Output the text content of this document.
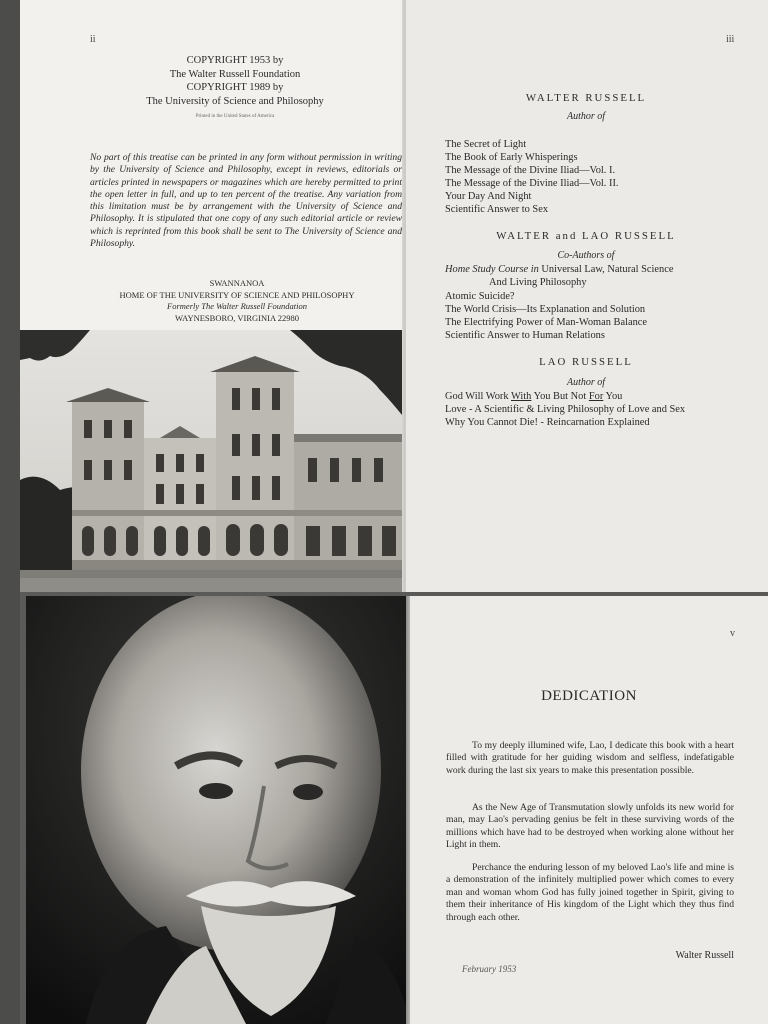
ii
COPYRIGHT 1953 by
The Walter Russell Foundation
COPYRIGHT 1989 by
The University of Science and Philosophy
Printed in the United States of America
No part of this treatise can be printed in any form without permission in writing by the University of Science and Philosophy, except in reviews, editorials or articles printed in newspapers or magazines which are hereby permitted to print the open letter in full, and up to ten percent of the treatise. Any variation from this limitation must be by arrangement with the University of Science and Philosophy. It is stipulated that one copy of any such editorial article or review which is reprinted from this book shall be sent to The University of Science and Philosophy.
SWANNANOA
HOME OF THE UNIVERSITY OF SCIENCE AND PHILOSOPHY
Formerly The Walter Russell Foundation
WAYNESBORO, VIRGINIA 22980
iii
WALTER RUSSELL
Author of
The Secret of Light
The Book of Early Whisperings
The Message of the Divine Iliad—Vol. I.
The Message of the Divine Iliad—Vol. II.
Your Day And Night
Scientific Answer to Sex
WALTER and LAO RUSSELL
Co-Authors of
Home Study Course in Universal Law, Natural Science
And Living Philosophy
Atomic Suicide?
The World Crisis—Its Explanation and Solution
The Electrifying Power of Man-Woman Balance
Scientific Answer to Human Relations
LAO RUSSELL
Author of
God Will Work With You But Not For You
Love - A Scientific & Living Philosophy of Love and Sex
Why You Cannot Die! - Reincarnation Explained
v
DEDICATION
To my deeply illumined wife, Lao, I dedicate this book with a heart filled with gratitude for her guiding wisdom and selfless, indefatigable work during the last six years to make this presentation possible.
As the New Age of Transmutation slowly unfolds its new world for man, may Lao's pervading genius be felt in these surviving words of the millions which have had to be destroyed when working alone without her Light in them.
Perchance the enduring lesson of my beloved Lao's life and mine is a demonstration of the infinitely multiplied power which comes to every man and woman whom God has fully joined together in Spirit, giving to them their inheritance of His kingdom of the Light which they thus find through each other.
Walter Russell
February 1953
